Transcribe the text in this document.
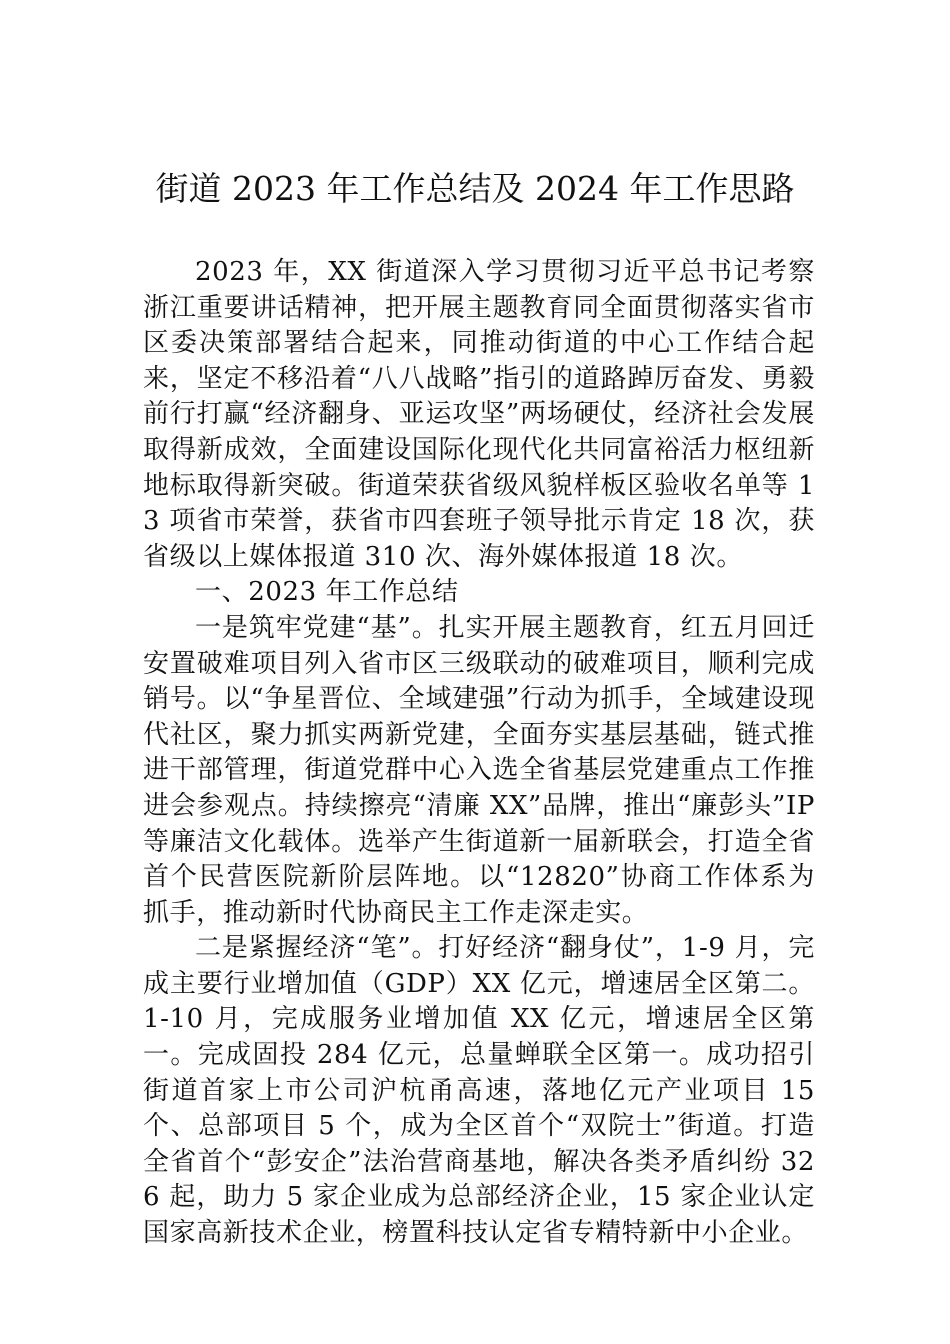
街道 2023 年工作总结及 2024 年工作思路

2023 年，XX 街道深入学习贯彻习近平总书记考察浙江重要讲话精神，把开展主题教育同全面贯彻落实省市区委决策部署结合起来，同推动街道的中心工作结合起来，坚定不移沿着“八八战略”指引的道路踔厉奋发、勇毅前行打赢“经济翻身、亚运攻坚”两场硬仗，经济社会发展取得新成效，全面建设国际化现代化共同富裕活力枢纽新地标取得新突破。街道荣获省级风貌样板区验收名单等 13 项省市荣誉，获省市四套班子领导批示肯定 18 次，获省级以上媒体报道 310 次、海外媒体报道 18 次。

一、2023 年工作总结

一是筑牢党建“基”。扎实开展主题教育，红五月回迁安置破难项目列入省市区三级联动的破难项目，顺利完成销号。以“争星晋位、全域建强”行动为抓手，全域建设现代社区，聚力抓实两新党建，全面夯实基层基础，链式推进干部管理，街道党群中心入选全省基层党建重点工作推进会参观点。持续擦亮“清廉 XX”品牌，推出“廉彭头”IP 等廉洁文化载体。选举产生街道新一届新联会，打造全省首个民营医院新阶层阵地。以“12820”协商工作体系为抓手，推动新时代协商民主工作走深走实。

二是紧握经济“笔”。打好经济“翻身仗”，1-9 月，完成主要行业增加值（GDP）XX 亿元，增速居全区第二。1-10 月，完成服务业增加值 XX 亿元，增速居全区第一。完成固投 284 亿元，总量蝉联全区第一。成功招引街道首家上市公司沪杭甬高速，落地亿元产业项目 15 个、总部项目 5 个，成为全区首个“双院士”街道。打造全省首个“彭安企”法治营商基地，解决各类矛盾纠纷 326 起，助力 5 家企业成为总部经济企业，15 家企业认定国家高新技术企业，榜置科技认定省专精特新中小企业。
